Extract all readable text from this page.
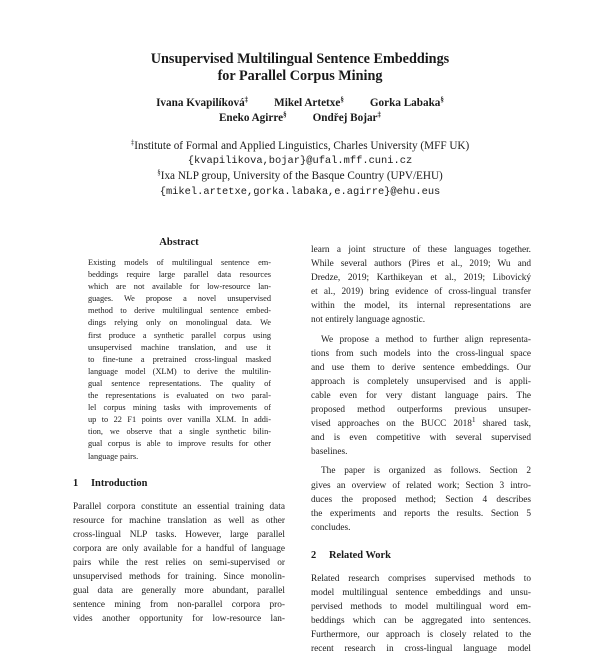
Unsupervised Multilingual Sentence Embeddings
for Parallel Corpus Mining
Ivana Kvapilíková‡ Mikel Artetxe§ Gorka Labaka§
Eneko Agirre§ Ondřej Bojar‡
‡Institute of Formal and Applied Linguistics, Charles University (MFF UK)
{kvapilikova,bojar}@ufal.mff.cuni.cz
§Ixa NLP group, University of the Basque Country (UPV/EHU)
{mikel.artetxe,gorka.labaka,e.agirre}@ehu.eus
Abstract
Existing models of multilingual sentence em-
beddings require large parallel data resources
which are not available for low-resource lan-
guages. We propose a novel unsupervised
method to derive multilingual sentence embed-
dings relying only on monolingual data. We
first produce a synthetic parallel corpus using
unsupervised machine translation, and use it
to fine-tune a pretrained cross-lingual masked
language model (XLM) to derive the multilin-
gual sentence representations. The quality of
the representations is evaluated on two paral-
lel corpus mining tasks with improvements of
up to 22 F1 points over vanilla XLM. In addi-
tion, we observe that a single synthetic bilin-
gual corpus is able to improve results for other
language pairs.
1 Introduction
Parallel corpora constitute an essential training data
resource for machine translation as well as other
cross-lingual NLP tasks. However, large parallel
corpora are only available for a handful of language
pairs while the rest relies on semi-supervised or
unsupervised methods for training. Since monolin-
gual data are generally more abundant, parallel
sentence mining from non-parallel corpora pro-
vides another opportunity for low-resource lan-
learn a joint structure of these languages together.
While several authors (Pires et al., 2019; Wu and
Dredze, 2019; Karthikeyan et al., 2019; Libovický
et al., 2019) bring evidence of cross-lingual transfer
within the model, its internal representations are
not entirely language agnostic.
We propose a method to further align representa-
tions from such models into the cross-lingual space
and use them to derive sentence embeddings. Our
approach is completely unsupervised and is appli-
cable even for very distant language pairs. The
proposed method outperforms previous unsuper-
vised approaches on the BUCC 2018$^1$ shared task,
and is even competitive with several supervised
baselines.
The paper is organized as follows. Section 2
gives an overview of related work; Section 3 intro-
duces the proposed method; Section 4 describes
the experiments and reports the results. Section 5
concludes.
2 Related Work
Related research comprises supervised methods to
model multilingual sentence embeddings and unsu-
pervised methods to model multilingual word em-
beddings which can be aggregated into sentences.
Furthermore, our approach is closely related to the
recent research in cross-lingual language model
